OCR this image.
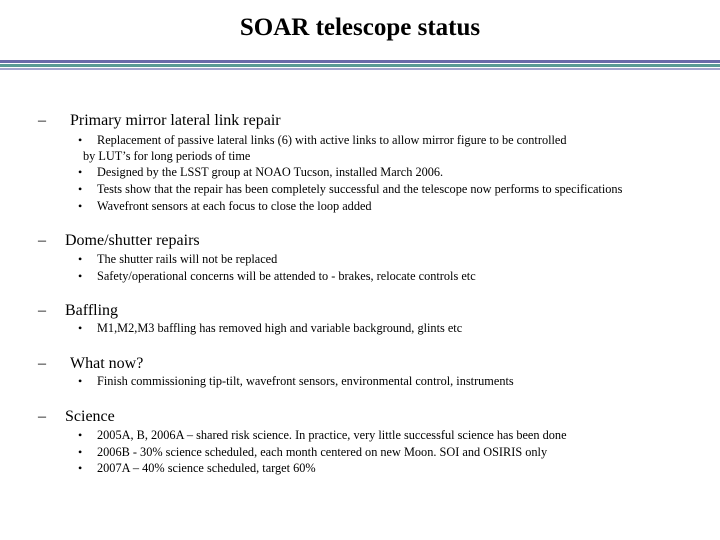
SOAR telescope status
– Primary mirror lateral link repair
• Replacement of passive lateral links (6) with active links to allow mirror figure to be controlled
by LUT’s for long periods of time
• Designed by the LSST group at NOAO Tucson, installed March 2006.
• Tests show that the repair has been completely successful and the telescope now performs to specifications
• Wavefront sensors at each focus to close the loop added
– Dome/shutter repairs
• The shutter rails will not be replaced
• Safety/operational concerns will be attended to - brakes, relocate controls etc
– Baffling
• M1,M2,M3 baffling has removed high and variable background, glints etc
– What now?
• Finish commissioning tip-tilt, wavefront sensors, environmental control, instruments
– Science
• 2005A, B, 2006A – shared risk science. In practice, very little successful science has been done
• 2006B - 30% science scheduled, each month centered on new Moon. SOI and OSIRIS only
• 2007A – 40% science scheduled, target 60%
